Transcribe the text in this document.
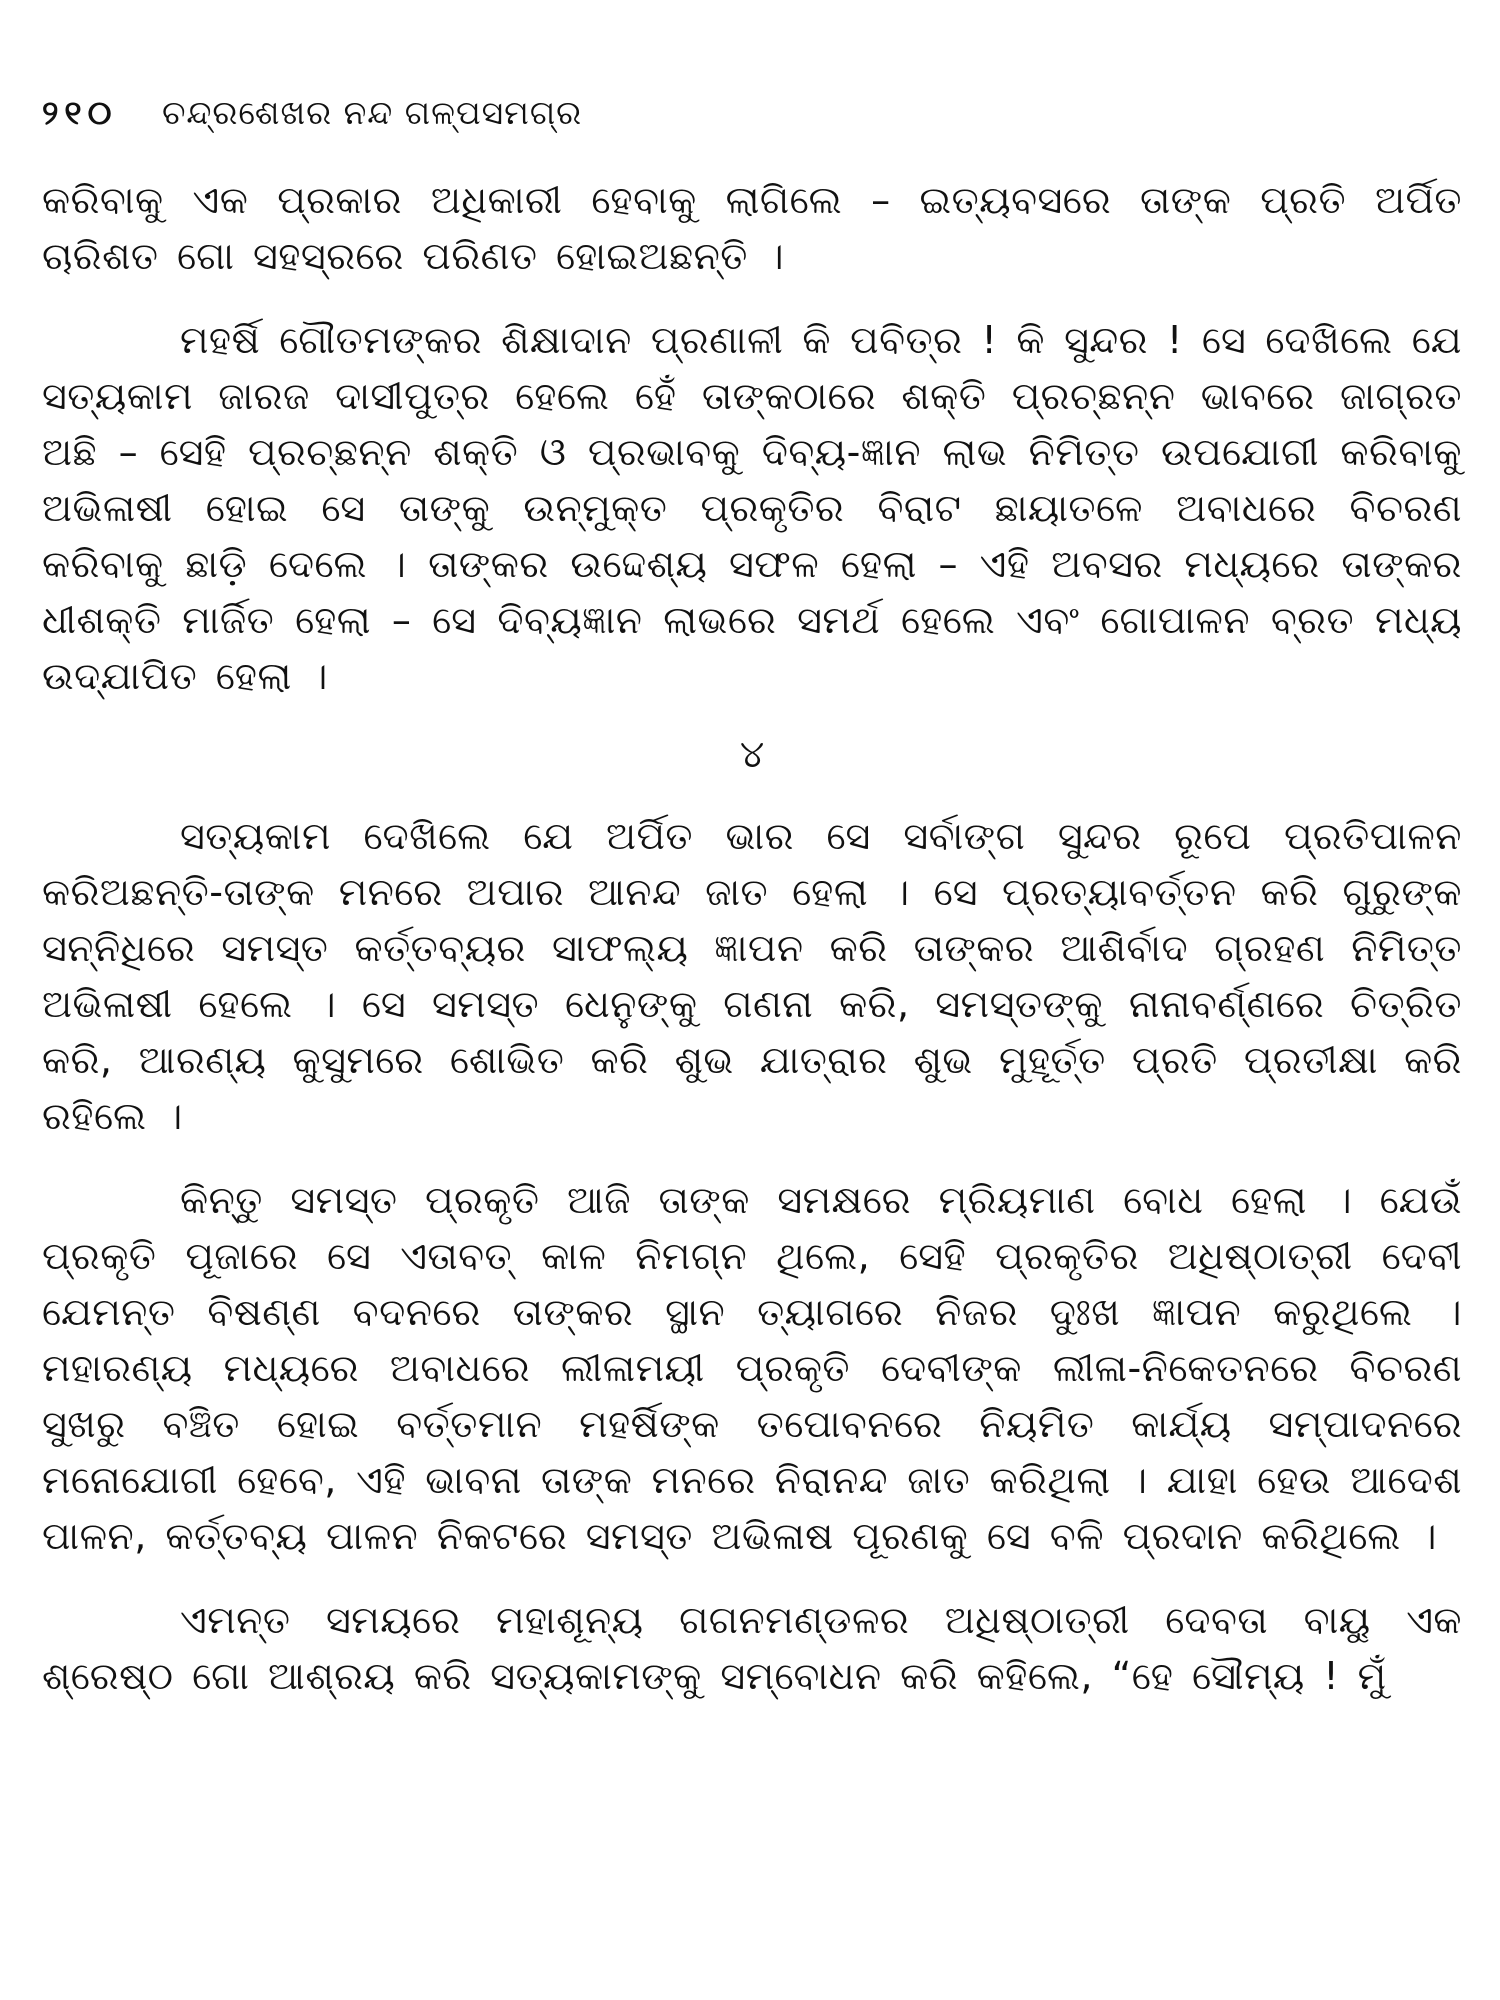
୨୧୦ ଚନ୍ଦ୍ରଶେଖର ନନ୍ଦ ଗଳ୍ପସମଗ୍ର

କରିବାକୁ ଏକ ପ୍ରକାର ଅଧିକାରୀ ହେବାକୁ ଲାଗିଲେ – ଇତ୍ୟବସରେ ତାଙ୍କ ପ୍ରତି ଅର୍ପିତ ଚାରିଶତ ଗୋ ସହସ୍ରରେ ପରିଣତ ହୋଇଅଛନ୍ତି ।

ମହର୍ଷି ଗୌତମଙ୍କର ଶିକ୍ଷାଦାନ ପ୍ରଣାଳୀ କି ପବିତ୍ର ! କି ସୁନ୍ଦର ! ସେ ଦେଖିଲେ ଯେ ସତ୍ୟକାମ ଜାରଜ ଦାସୀପୁତ୍ର ହେଲେ ହେଁ ତାଙ୍କଠାରେ ଶକ୍ତି ପ୍ରଚ୍ଛନ୍ନ ଭାବରେ ଜାଗ୍ରତ ଅଛି – ସେହି ପ୍ରଚ୍ଛନ୍ନ ଶକ୍ତି ଓ ପ୍ରଭାବକୁ ଦିବ୍ୟ-ଜ୍ଞାନ ଲାଭ ନିମିତ୍ତ ଉପଯୋଗୀ କରିବାକୁ ଅଭିଳାଷୀ ହୋଇ ସେ ତାଙ୍କୁ ଉନ୍ମୁକ୍ତ ପ୍ରକୃତିର ବିରାଟ ଛାୟାତଳେ ଅବାଧରେ ବିଚରଣ କରିବାକୁ ଛାଡ଼ି ଦେଲେ । ତାଙ୍କର ଉଦ୍ଦେଶ୍ୟ ସଫଳ ହେଲା – ଏହି ଅବସର ମଧ୍ୟରେ ତାଙ୍କର ଧୀଶକ୍ତି ମାର୍ଜିତ ହେଲା – ସେ ଦିବ୍ୟଜ୍ଞାନ ଲାଭରେ ସମର୍ଥ ହେଲେ ଏବଂ ଗୋପାଳନ ବ୍ରତ ମଧ୍ୟ ଉଦ୍‌ଯାପିତ ହେଲା ।

୪

ସତ୍ୟକାମ ଦେଖିଲେ ଯେ ଅର୍ପିତ ଭାର ସେ ସର୍ବାଙ୍ଗ ସୁନ୍ଦର ରୂପେ ପ୍ରତିପାଳନ କରିଅଛନ୍ତି-ତାଙ୍କ ମନରେ ଅପାର ଆନନ୍ଦ ଜାତ ହେଲା । ସେ ପ୍ରତ୍ୟାବର୍ତ୍ତନ କରି ଗୁରୁଙ୍କ ସନ୍ନିଧିରେ ସମସ୍ତ କର୍ତ୍ତବ୍ୟର ସାଫଲ୍ୟ ଜ୍ଞାପନ କରି ତାଙ୍କର ଆଶିର୍ବାଦ ଗ୍ରହଣ ନିମିତ୍ତ ଅଭିଳାଷୀ ହେଲେ । ସେ ସମସ୍ତ ଧେନୁଙ୍କୁ ଗଣନା କରି, ସମସ୍ତଙ୍କୁ ନାନାବର୍ଣ୍ଣରେ ଚିତ୍ରିତ କରି, ଆରଣ୍ୟ କୁସୁମରେ ଶୋଭିତ କରି ଶୁଭ ଯାତ୍ରାର ଶୁଭ ମୁହୂର୍ତ୍ତ ପ୍ରତି ପ୍ରତୀକ୍ଷା କରି ରହିଲେ ।

କିନ୍ତୁ ସମସ୍ତ ପ୍ରକୃତି ଆଜି ତାଙ୍କ ସମକ୍ଷରେ ମ୍ରିୟମାଣ ବୋଧ ହେଲା । ଯେଉଁ ପ୍ରକୃତି ପୂଜାରେ ସେ ଏତାବତ୍ କାଳ ନିମଗ୍ନ ଥିଲେ, ସେହି ପ୍ରକୃତିର ଅଧିଷ୍ଠାତ୍ରୀ ଦେବୀ ଯେମନ୍ତ ବିଷଣ୍ଣ ବଦନରେ ତାଙ୍କର ସ୍ଥାନ ତ୍ୟାଗରେ ନିଜର ଦୁଃଖ ଜ୍ଞାପନ କରୁଥିଲେ । ମହାରଣ୍ୟ ମଧ୍ୟରେ ଅବାଧରେ ଲୀଳାମୟୀ ପ୍ରକୃତି ଦେବୀଙ୍କ ଲୀଳା-ନିକେତନରେ ବିଚରଣ ସୁଖରୁ ବଞ୍ଚିତ ହୋଇ ବର୍ତ୍ତମାନ ମହର୍ଷିଙ୍କ ତପୋବନରେ ନିୟମିତ କାର୍ଯ୍ୟ ସମ୍ପାଦନରେ ମନୋଯୋଗୀ ହେବେ, ଏହି ଭାବନା ତାଙ୍କ ମନରେ ନିରାନନ୍ଦ ଜାତ କରିଥିଲା । ଯାହା ହେଉ ଆଦେଶ ପାଳନ, କର୍ତ୍ତବ୍ୟ ପାଳନ ନିକଟରେ ସମସ୍ତ ଅଭିଳାଷ ପୂରଣକୁ ସେ ବଳି ପ୍ରଦାନ କରିଥିଲେ ।

ଏମନ୍ତ ସମୟରେ ମହାଶୂନ୍ୟ ଗଗନମଣ୍ଡଳର ଅଧିଷ୍ଠାତ୍ରୀ ଦେବତା ବାୟୁ ଏକ ଶ୍ରେଷ୍ଠ ଗୋ ଆଶ୍ରୟ କରି ସତ୍ୟକାମଙ୍କୁ ସମ୍ବୋଧନ କରି କହିଲେ, “ହେ ସୌମ୍ୟ ! ମୁଁ
